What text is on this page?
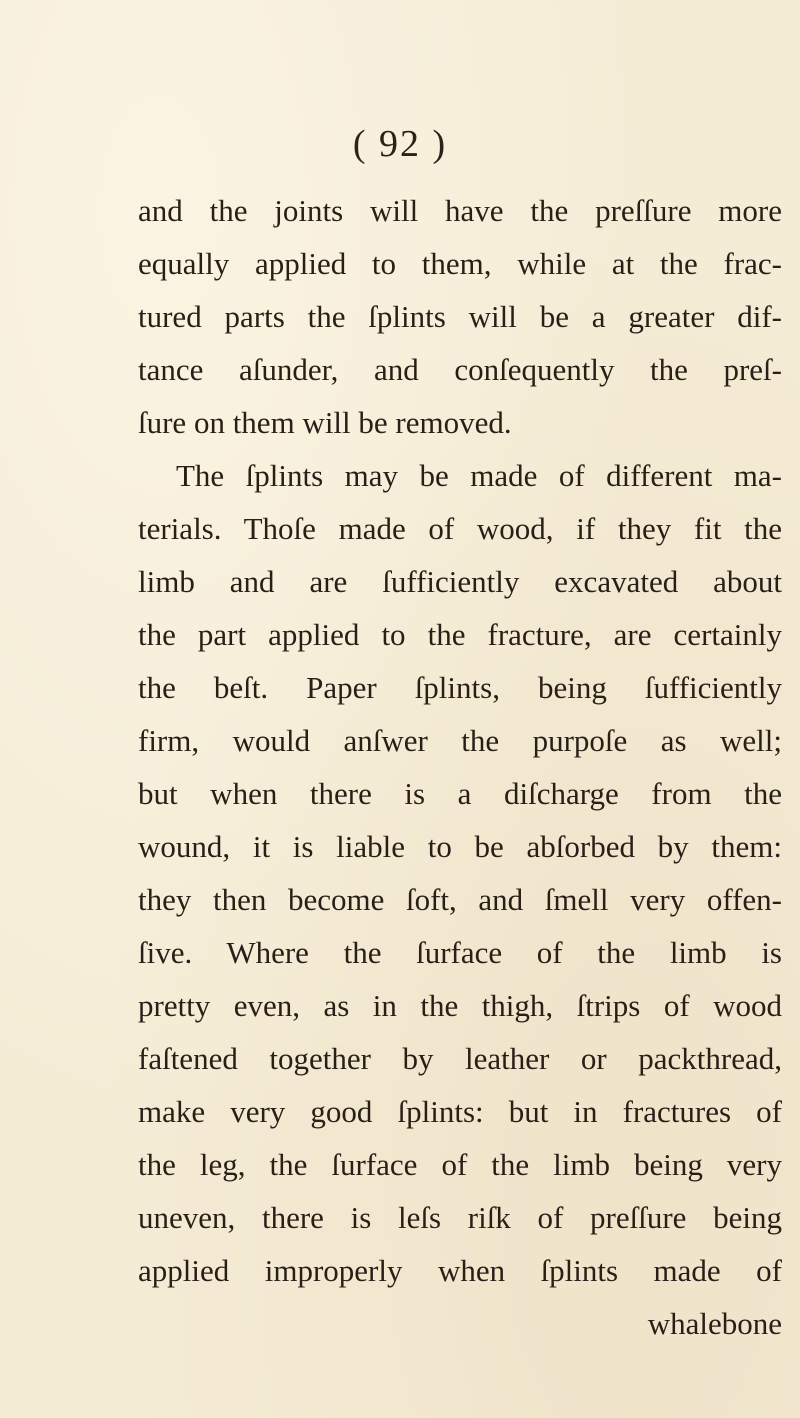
( 92 )
and the joints will have the preſſure more
equally applied to them, while at the frac-
tured parts the ſplints will be a greater dif-
tance aſunder, and conſequently the preſ-
ſure on them will be removed.
The ſplints may be made of different ma-
terials. Thoſe made of wood, if they fit the
limb and are ſufficiently excavated about
the part applied to the fracture, are certainly
the beſt. Paper ſplints, being ſufficiently
firm, would anſwer the purpoſe as well;
but when there is a diſcharge from the
wound, it is liable to be abſorbed by them:
they then become ſoft, and ſmell very offen-
ſive. Where the ſurface of the limb is
pretty even, as in the thigh, ſtrips of wood
faſtened together by leather or packthread,
make very good ſplints: but in fractures of
the leg, the ſurface of the limb being very
uneven, there is leſs riſk of preſſure being
applied improperly when ſplints made of
whalebone
